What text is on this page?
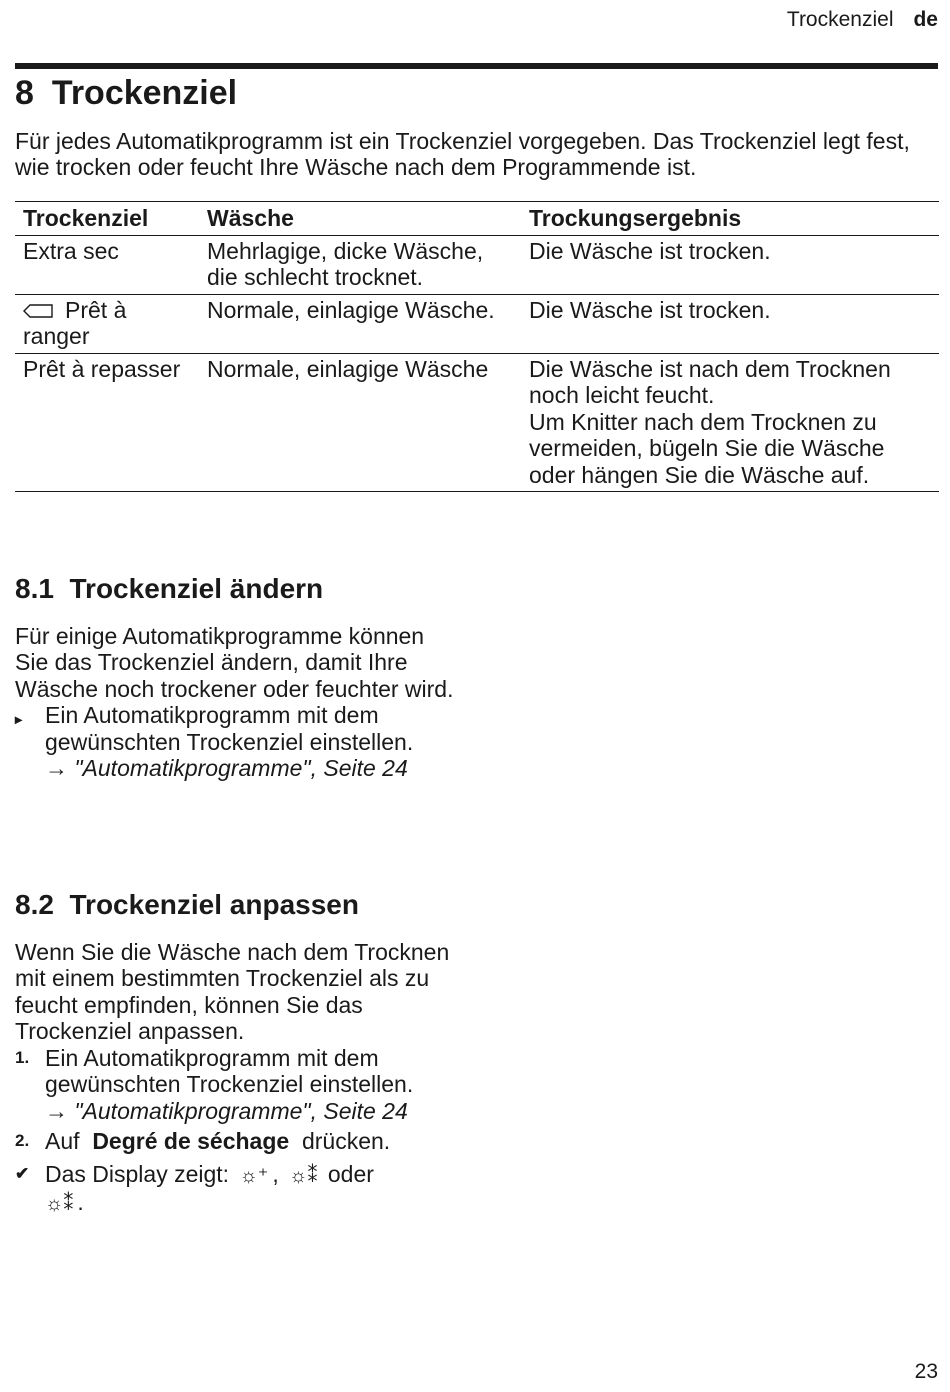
Trockenziel de
8 Trockenziel

Für jedes Automatikprogramm ist ein Trockenziel vorgegeben. Das Trockenziel legt fest, wie trocken oder feucht Ihre Wäsche nach dem Programmende ist.

Trockenziel	Wäsche	Trockungsergebnis
Extra sec	Mehrlagige, dicke Wäsche, die schlecht trocknet.	Die Wäsche ist trocken.
Prêt à ranger	Normale, einlagige Wäsche.	Die Wäsche ist trocken.
Prêt à repasser	Normale, einlagige Wäsche	Die Wäsche ist nach dem Trocknen noch leicht feucht.
Um Knitter nach dem Trocknen zu vermeiden, bügeln Sie die Wäsche oder hängen Sie die Wäsche auf.
8.1 Trockenziel ändern

Für einige Automatikprogramme können Sie das Trockenziel ändern, damit Ihre Wäsche noch trockener oder feuchter wird.

▸ Ein Automatikprogramm mit dem gewünschten Trockenziel einstellen.
→ "Automatikprogramme", Seite 24
8.2 Trockenziel anpassen

Wenn Sie die Wäsche nach dem Trocknen mit einem bestimmten Trockenziel als zu feucht empfinden, können Sie das Trockenziel anpassen.

1. Ein Automatikprogramm mit dem gewünschten Trockenziel einstellen.
→ "Automatikprogramme", Seite 24
2. Auf Degré de séchage drücken.
✔ Das Display zeigt: ☼⁺ , ☼⁑ oder
☼⁑ .
23
